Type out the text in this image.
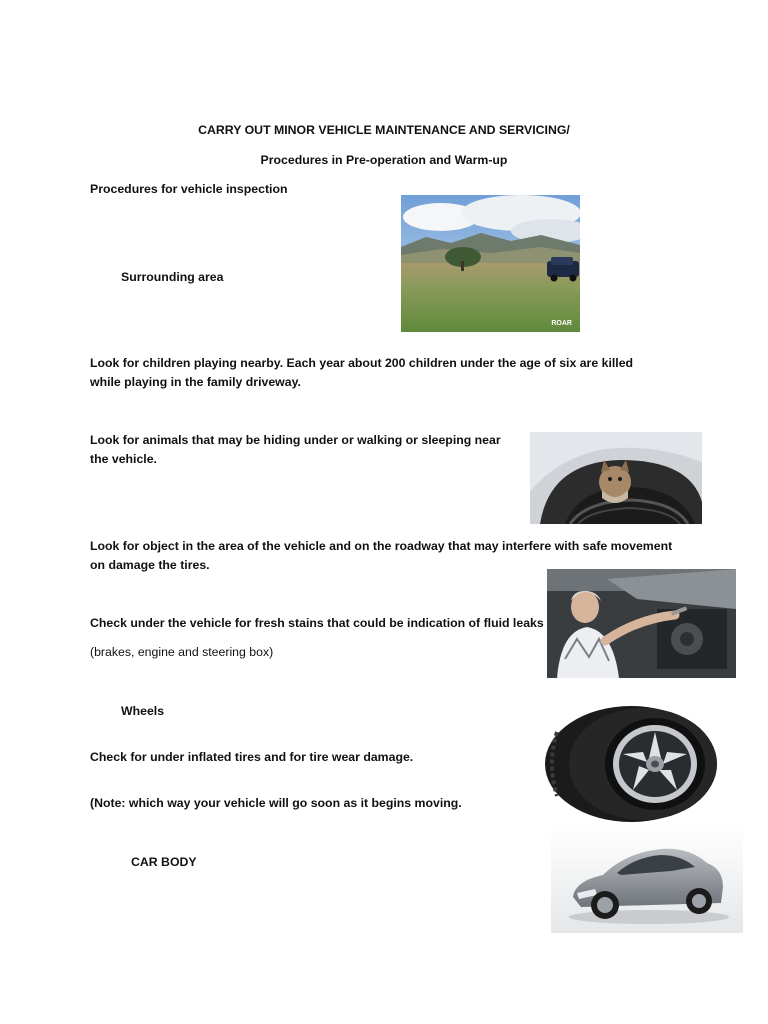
CARRY OUT MINOR VEHICLE MAINTENANCE AND SERVICING/
Procedures in Pre-operation and Warm-up
Procedures for vehicle inspection
ROAR
Surrounding area
Look for children playing nearby. Each year about 200 children under the age of six are killed while playing in the family driveway.
Look for animals that may be hiding under or walking or sleeping near the vehicle.
Look for object in the area of the vehicle and on the roadway that may interfere with safe movement on damage the tires.
Check under the vehicle for fresh stains that could be indication of fluid leaks
(brakes, engine and steering box)
Wheels
Check for under inflated tires and for tire wear damage.
(Note: which way your vehicle will go soon as it begins moving.
CAR BODY
